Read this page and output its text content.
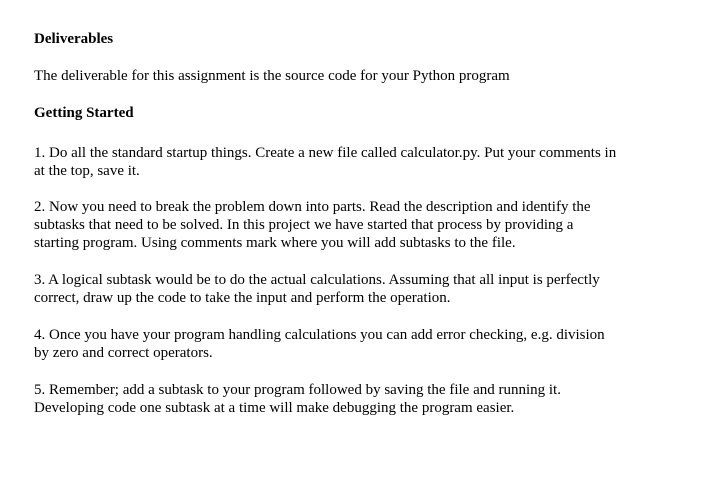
Deliverables

The deliverable for this assignment is the source code for your Python program

Getting Started

1. Do all the standard startup things. Create a new file called calculator.py. Put your comments in
at the top, save it.

2. Now you need to break the problem down into parts. Read the description and identify the
subtasks that need to be solved. In this project we have started that process by providing a
starting program. Using comments mark where you will add subtasks to the file.

3. A logical subtask would be to do the actual calculations. Assuming that all input is perfectly
correct, draw up the code to take the input and perform the operation.

4. Once you have your program handling calculations you can add error checking, e.g. division
by zero and correct operators.

5. Remember; add a subtask to your program followed by saving the file and running it.
Developing code one subtask at a time will make debugging the program easier.
